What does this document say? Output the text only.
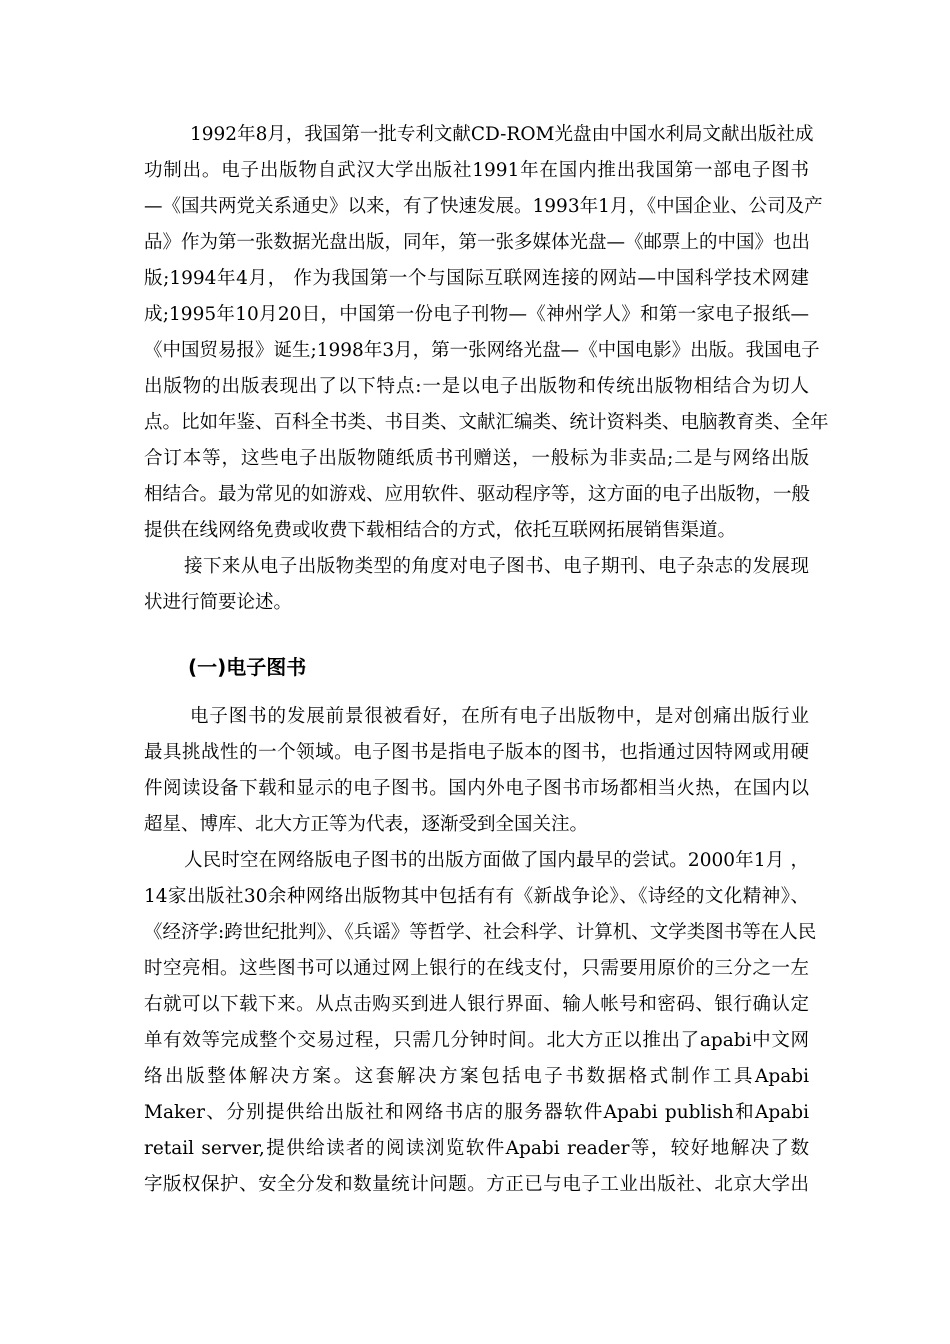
1992年8月，我国第一批专利文献CD-ROM光盘由中国水利局文献出版社成
功制出。电子出版物自武汉大学出版社1991年在国内推出我国第一部电子图书
—《国共两党关系通史》以来，有了快速发展。1993年1月，《中国企业、公司及产
品》作为第一张数据光盘出版，同年，第一张多媒体光盘—《邮票上的中国》也出
版;1994年4月， 作为我国第一个与国际互联网连接的网站—中国科学技术网建
成;1995年10月20日，中国第一份电子刊物—《神州学人》和第一家电子报纸—
《中国贸易报》诞生;1998年3月，第一张网络光盘—《中国电影》出版。我国电子
出版物的出版表现出了以下特点:一是以电子出版物和传统出版物相结合为切人
点。比如年鉴、百科全书类、书目类、文献汇编类、统计资料类、电脑教育类、全年
合订本等，这些电子出版物随纸质书刊赠送，一般标为非卖品;二是与网络出版
相结合。最为常见的如游戏、应用软件、驱动程序等，这方面的电子出版物，一般
提供在线网络免费或收费下载相结合的方式，依托互联网拓展销售渠道。
接下来从电子出版物类型的角度对电子图书、电子期刊、电子杂志的发展现
状进行简要论述。
(一)电子图书
电子图书的发展前景很被看好，在所有电子出版物中，是对创痛出版行业
最具挑战性的一个领域。电子图书是指电子版本的图书，也指通过因特网或用硬
件阅读设备下载和显示的电子图书。国内外电子图书市场都相当火热，在国内以
超星、博库、北大方正等为代表，逐渐受到全国关注。
人民时空在网络版电子图书的出版方面做了国内最早的尝试。2000年1月 ，
14家出版社30余种网络出版物其中包括有有《新战争论》、《诗经的文化精神》、
《经济学:跨世纪批判》、《兵谣》等哲学、社会科学、计算机、文学类图书等在人民
时空亮相。这些图书可以通过网上银行的在线支付，只需要用原价的三分之一左
右就可以下载下来。从点击购买到进人银行界面、输人帐号和密码、银行确认定
单有效等完成整个交易过程，只需几分钟时间。北大方正以推出了apabi中文网
络出版整体解决方案。这套解决方案包括电子书数据格式制作工具Apabi
Maker、分别提供给出版社和网络书店的服务器软件Apabi publish和Apabi
retail server,提供给读者的阅读浏览软件Apabi reader等，较好地解决了数
字版权保护、安全分发和数量统计问题。方正已与电子工业出版社、北京大学出
